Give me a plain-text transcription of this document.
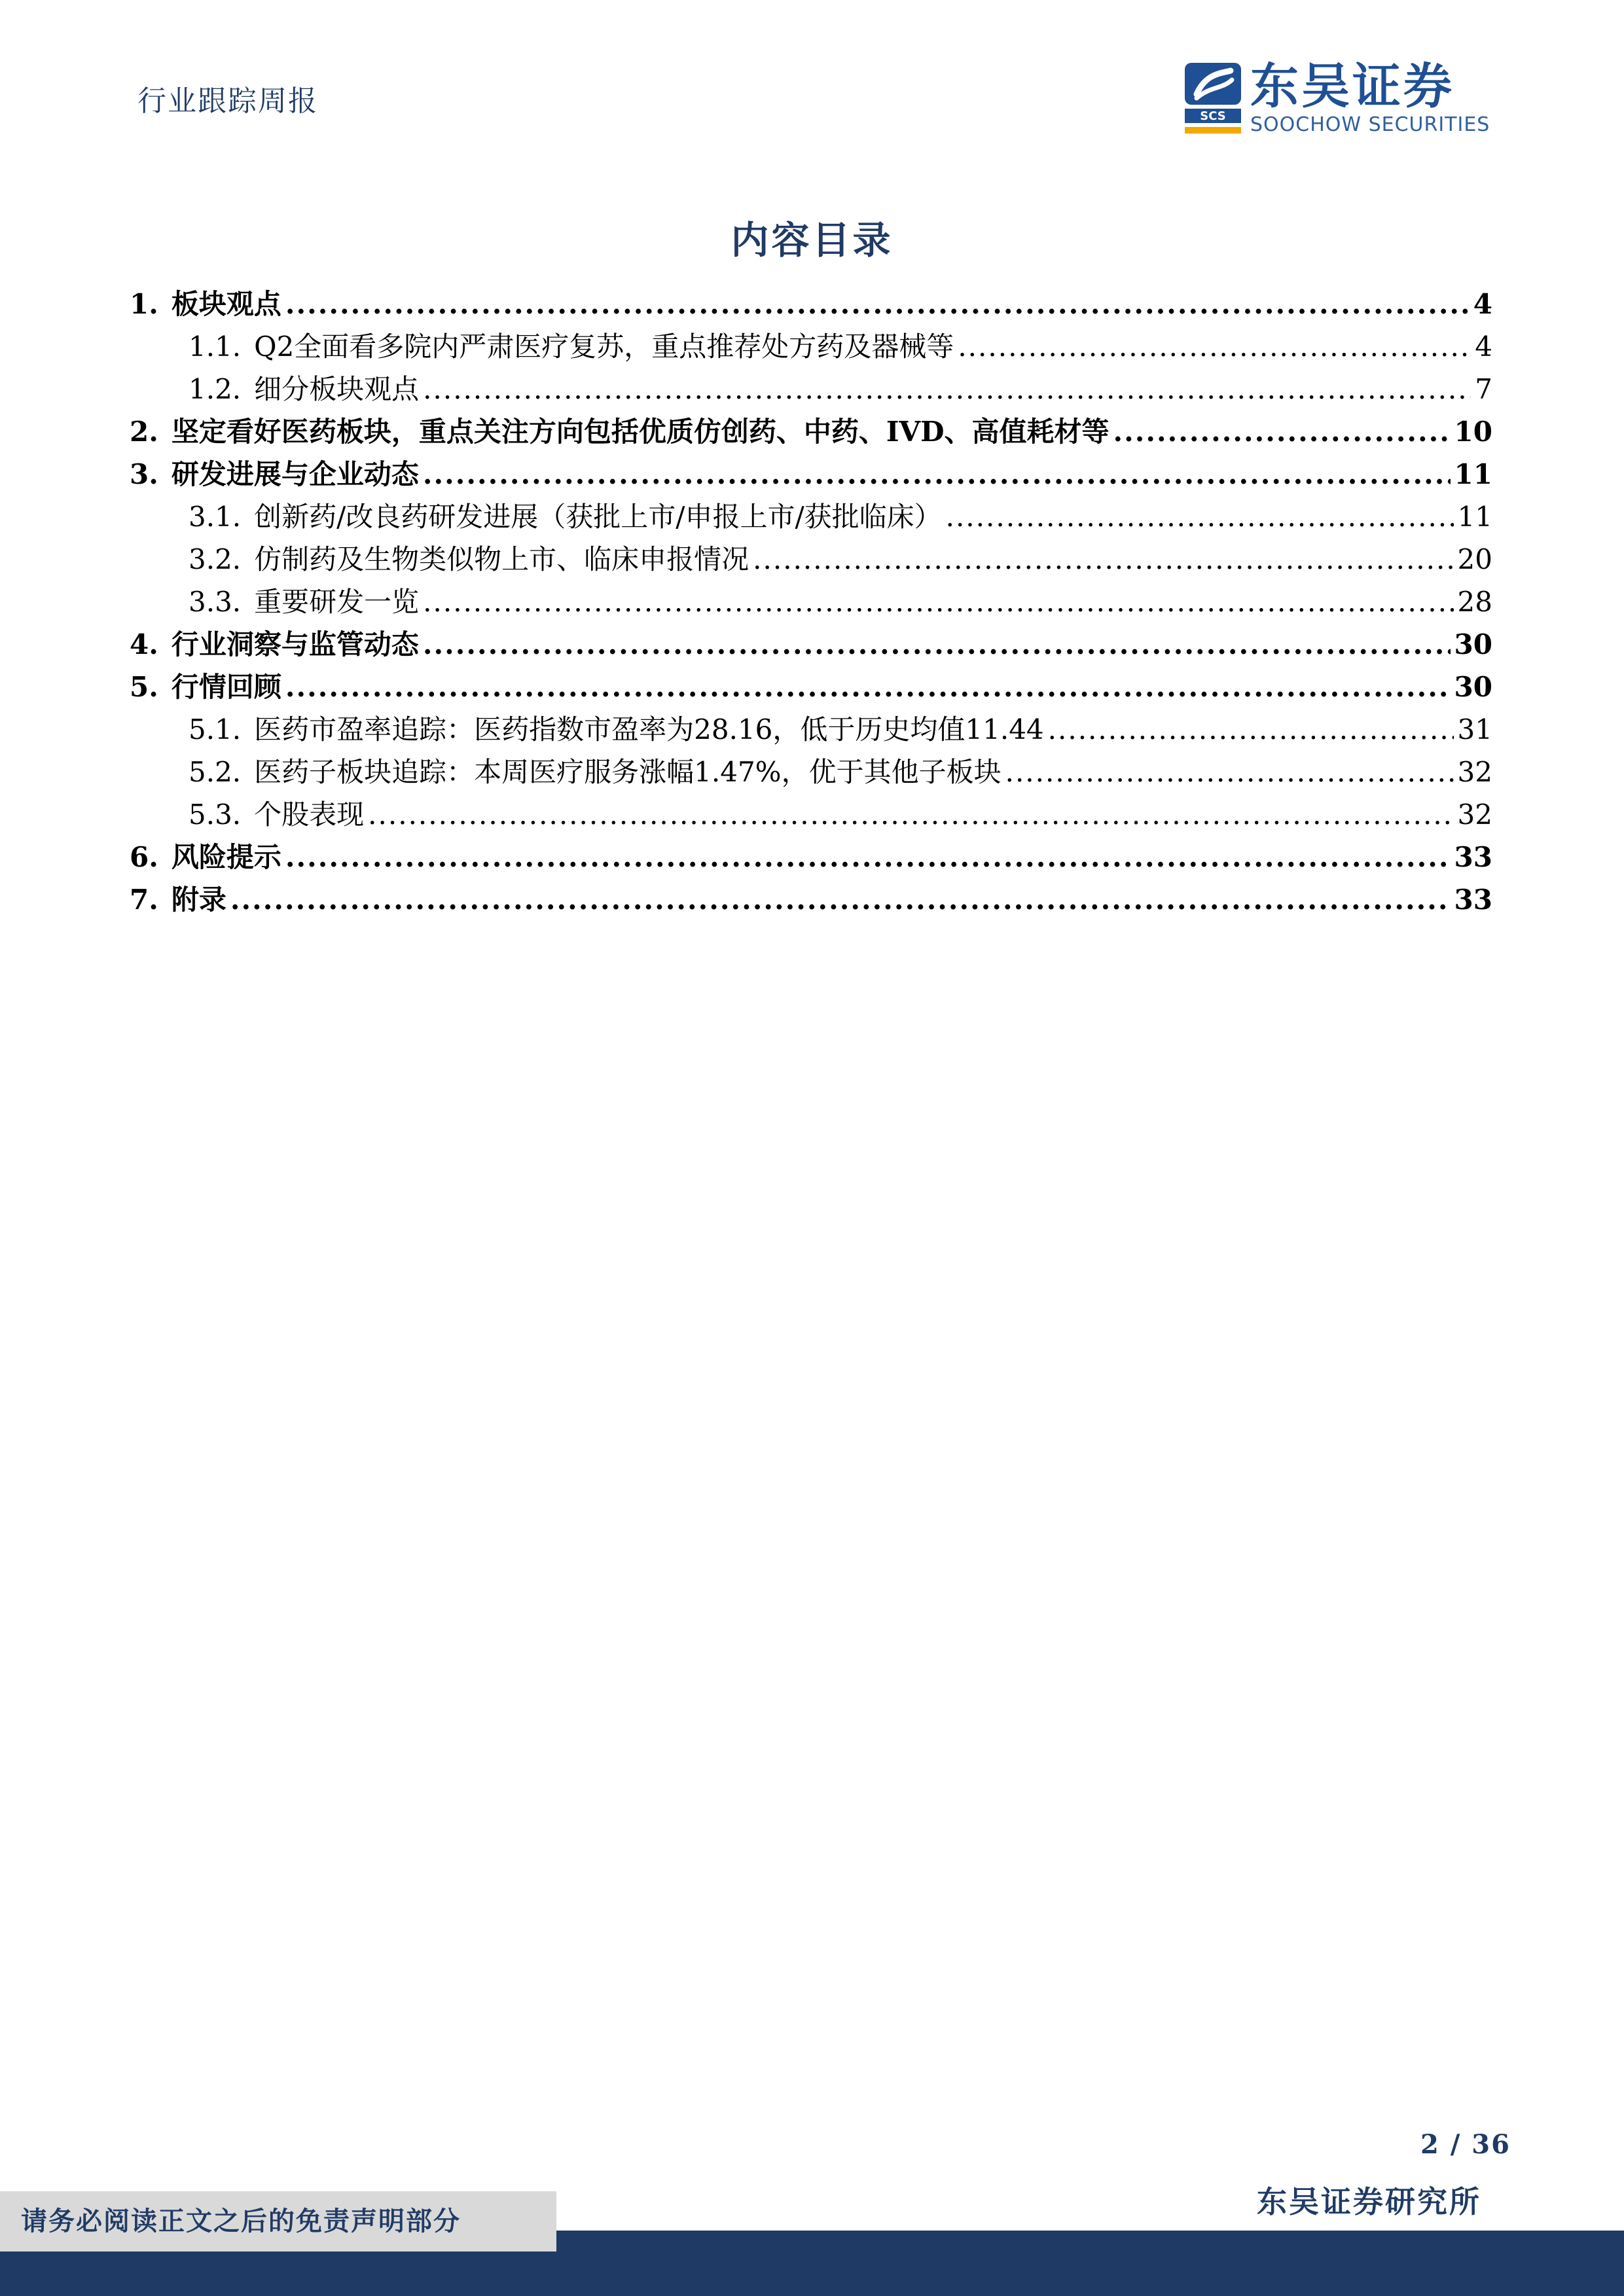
行业跟踪周报	SCS
东吴证券
SOOCHOW SECURITIES
内容目录
1. 板块观点 .....	4
1.1. Q2全面看多院内严肃医疗复苏，重点推荐处方药及器械等 .....	4
1.2. 细分板块观点 .....	7
2. 坚定看好医药板块，重点关注方向包括优质仿创药、中药、IVD、高值耗材等 .....	10
3. 研发进展与企业动态 .....	11
3.1. 创新药/改良药研发进展（获批上市/申报上市/获批临床） .....	11
3.2. 仿制药及生物类似物上市、临床申报情况 .....	20
3.3. 重要研发一览 .....	28
4. 行业洞察与监管动态 .....	30
5. 行情回顾 .....	30
5.1. 医药市盈率追踪：医药指数市盈率为28.16，低于历史均值11.44 .....	31
5.2. 医药子板块追踪：本周医疗服务涨幅1.47%，优于其他子板块 .....	32
5.3. 个股表现 .....	32
6. 风险提示 .....	33
7. 附录 .....	33
2 / 36
东吴证券研究所
请务必阅读正文之后的免责声明部分
